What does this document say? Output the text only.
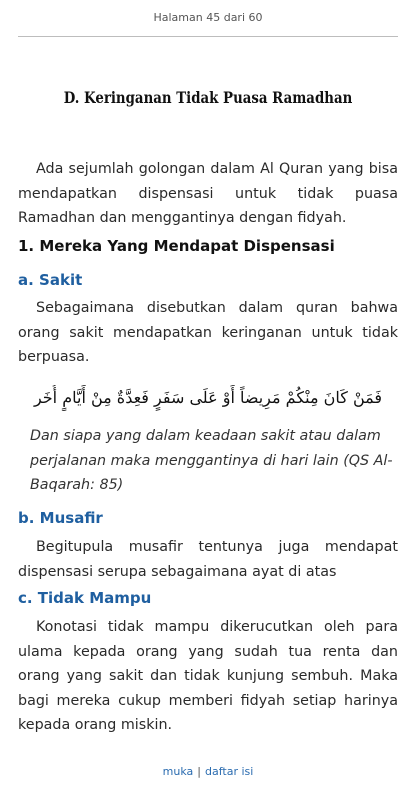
Halaman 45 dari 60
D. Keringanan Tidak Puasa Ramadhan

Ada sejumlah golongan dalam Al Quran yang bisa mendapatkan dispensasi untuk tidak puasa Ramadhan dan menggantinya dengan fidyah.

1. Mereka Yang Mendapat Dispensasi
a. Sakit

Sebagaimana disebutkan dalam quran bahwa orang sakit mendapatkan keringanan untuk tidak berpuasa.

فَمَنْ كَانَ مِنْكُمْ مَرِيضاً أَوْ عَلَى سَفَرٍ فَعِدَّةٌ مِنْ أَيَّامٍ أُخَر

Dan siapa yang dalam keadaan sakit atau dalam perjalanan maka menggantinya di hari lain (QS Al-Baqarah: 85)

b. Musafir

Begitupula musafir tentunya juga mendapat dispensasi serupa sebagaimana ayat di atas

c. Tidak Mampu

Konotasi tidak mampu dikerucutkan oleh para ulama kepada orang yang sudah tua renta dan orang yang sakit dan tidak kunjung sembuh. Maka bagi mereka cukup memberi fidyah setiap harinya kepada orang miskin.

muka | daftar isi
